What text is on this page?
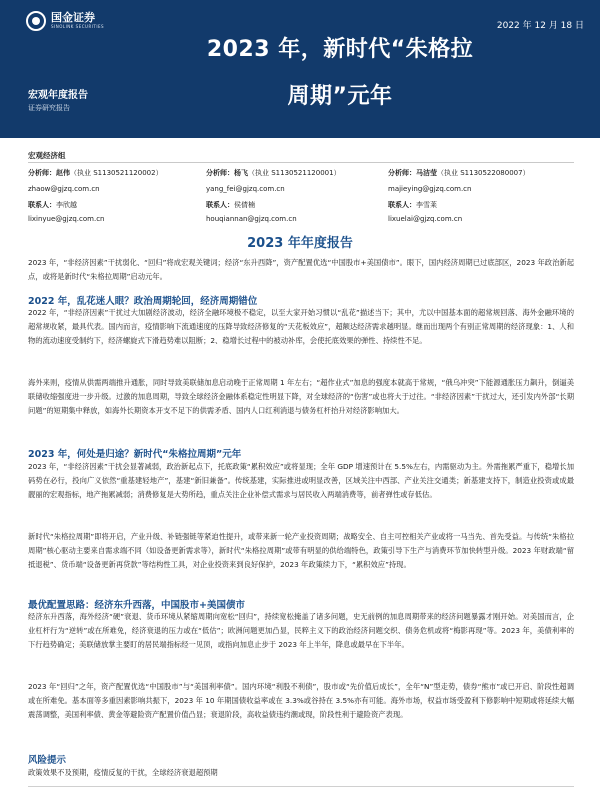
国金证券
SINOLINK SECURITIES	2022 年 12 月 18 日
2023 年，新时代“朱格拉
周期”元年
宏观年度报告
证券研究报告
宏观经济组
分析师：赵伟（执业 S1130521120002）
zhaow@gjzq.com.cn
分析师：杨飞（执业 S1130521120001）
yang_fei@gjzq.com.cn
分析师：马洁莹（执业 S1130522080007）
majieying@gjzq.com.cn
联系人：李欣越
lixinyue@gjzq.com.cn
联系人：侯倩楠
houqiannan@gjzq.com.cn
联系人：李雪莱
lixuelai@gjzq.com.cn
2023 年年度报告
2023 年，“非经济因素”干扰弱化、“回归”将成宏观关键词；经济“东升西降”，资产配置优选“中国股市+美国债市”。眼下，国内经济周期已过底部区，2023 年政治新起点，或将是新时代“朱格拉周期”启动元年。
2022 年，乱花迷人眼？政治周期轮回，经济周期错位
2022 年，“非经济因素”干扰过大加剧经济波动，经济全融环境极不稳定，以至大家开始习惯以“乱花”描述当下；其中，尤以中国基本面的超常规回落、海外金融环境的超常规收紧，最具代表。国内而言，疫情影响下流通速度的压降导致经济修复的“天花板效应”，超额达经济需求越明显。继而出现两个有别正常周期的经济现象：1、人和物的流动速度受制约下，经济螺旋式下滑趋势难以阻断；2、稳增长过程中的被动补库，会使托底效果的弹性、持续性不足。
海外来则，疫情从供需两端推升通胀，同时导致美联储加息启动晚于正常周期 1 年左右；“超作业式”加息的强度本就高于常规，“俄乌冲突”下能源通胀压力飙升，倒逼美联储收缩强度进一步升级。过激的加息周期，导致全球经济金融体系稳定性明显下降，对全球经济的“伤害”或也将大于过往。“非经济因素”干扰过大，还引发内外部“长期问题”的短期集中释放，如海外长期资本开支不足下的供需矛盾、国内人口红利消退与债务杠杆抬升对经济影响加大。
2023 年，何处是归途？新时代“朱格拉周期”元年
2023 年，“非经济因素”干扰会显著减弱，政治新起点下，托底政策“累积效应”或将显现；全年 GDP 增速预计在 5.5%左右，内需驱动为主。外需拖累严重下，稳增长加码势在必行，投向广义依然“重基建轻地产”，基建“新旧兼备”。传统基建，实际推进或明显改善，区域关注中西部、产业关注交通类；新基建支持下，制造业投资或成最靓丽的宏观指标，地产拖累减弱；消费修复是大势所趋，重点关注企业补偿式需求与居民收入两端消费等，前者弹性或存低估。
新时代“朱格拉周期”即将开启，产业升级、补链强链等紧迫性提升，或带来新一轮产业投资周期；战略安全、自主可控相关产业或将一马当先、首先受益。与传统“朱格拉周期”核心驱动主要来自需求端不同（如设备更新需求等），新时代“朱格拉周期”或带有明显的供给端特色，政策引导下生产与消费环节加快转型升级。2023 年财政端“留抵退税”、货币端“设备更新再贷款”等结构性工具，对企业投资来到良好保护，2023 年政策续力下，“累积效应”持现。
最优配置思路：经济东升西落，中国股市+美国债市
经济东升西落，海外经济“硬”衰退、货币环境从紧缩周期向宽松“回归”，持续宽松掩盖了诸多问题，史无前例的加息周期带来的经济问题暴露才刚开始。对美国而言，企业杠杆行为“逆转”或在所难免，经济衰退的压力或在“低估”；欧洲问题更加凸显，民粹主义下的政治经济问题交织、债务危机或将“梅影再现”等。2023 年，美债利率的下行趋势确定；美联储放掌主要盯的居民端指标经一见顶，或指向加息止步于 2023 年上半年，降息或最早在下半年。
2023 年“回归”之年，资产配置优选“中国股市”与“美国利率债”。国内环境“利股不利债”，股市或“先价值后成长”，全年“N”型走势，债券“熊市”或已开启、阶段性超调或在所难免。基本面等多重因素影响共振下，2023 年 10 年期国债收益率或在 3.3%或谷持在 3.5%亦有可能。海外市场，权益市场受盈利下修影响中短期或将延续大幅震荡调整，美国利率债、黄金等避险资产配置价值凸显；衰退阶段，高收益债违约潮或现，阶段性利于避险资产表现。
风险提示
政策效果不及预期，疫情反复的干扰，全球经济衰退超预期
